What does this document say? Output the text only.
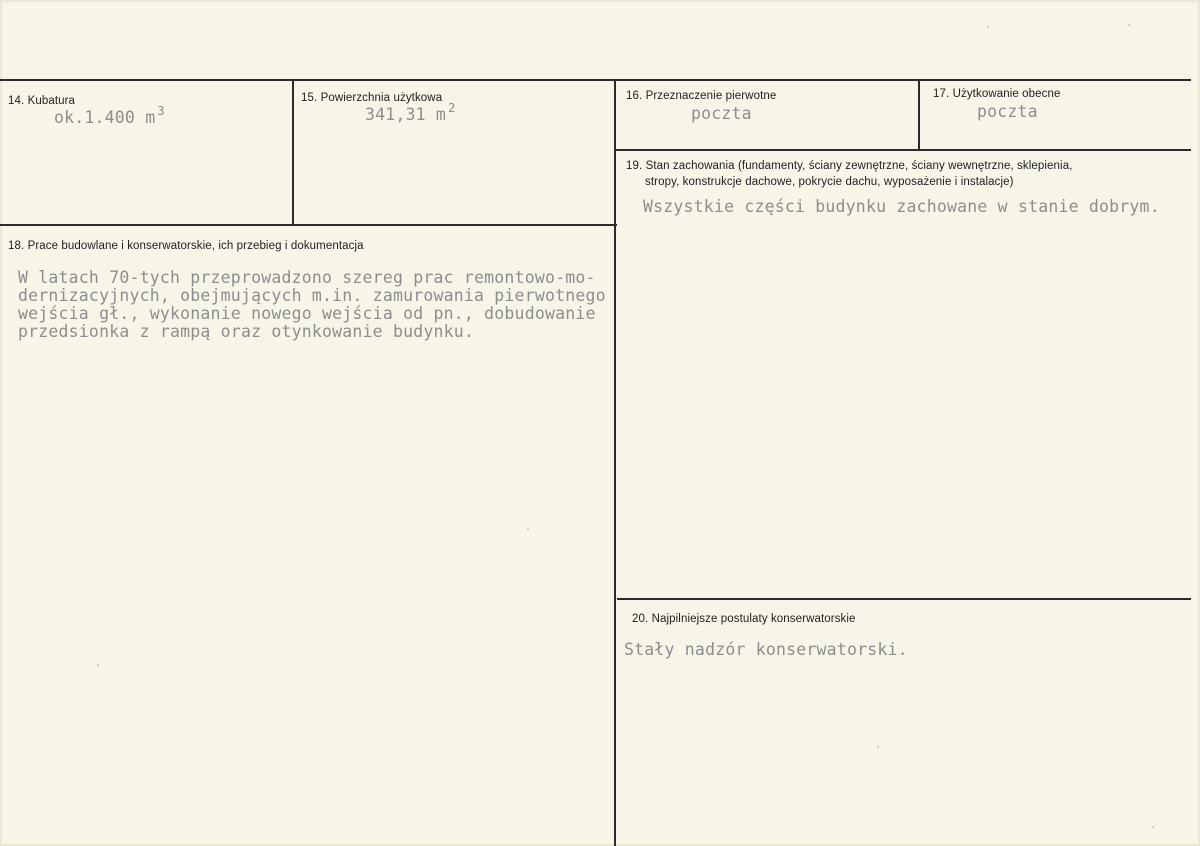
14. Kubatura
ok.1.400 m $^3$
15. Powierzchnia użytkowa
341,31 m $^2$
16. Przeznaczenie pierwotne
poczta
17. Użytkowanie obecne
poczta
19. Stan zachowania (fundamenty, ściany zewnętrzne, ściany wewnętrzne, sklepienia,
stropy, konstrukcje dachowe, pokrycie dachu, wyposażenie i instalacje)
Wszystkie części budynku zachowane w stanie dobrym.
18. Prace budowlane i konserwatorskie, ich przebieg i dokumentacja
W latach 70-tych przeprowadzono szereg prac remontowo-mo-
dernizacyjnych, obejmujących m.in. zamurowania pierwotnego
wejścia gł., wykonanie nowego wejścia od pn., dobudowanie
przedsionka z rampą oraz otynkowanie budynku.
20. Najpilniejsze postulaty konserwatorskie
Stały nadzór konserwatorski.
